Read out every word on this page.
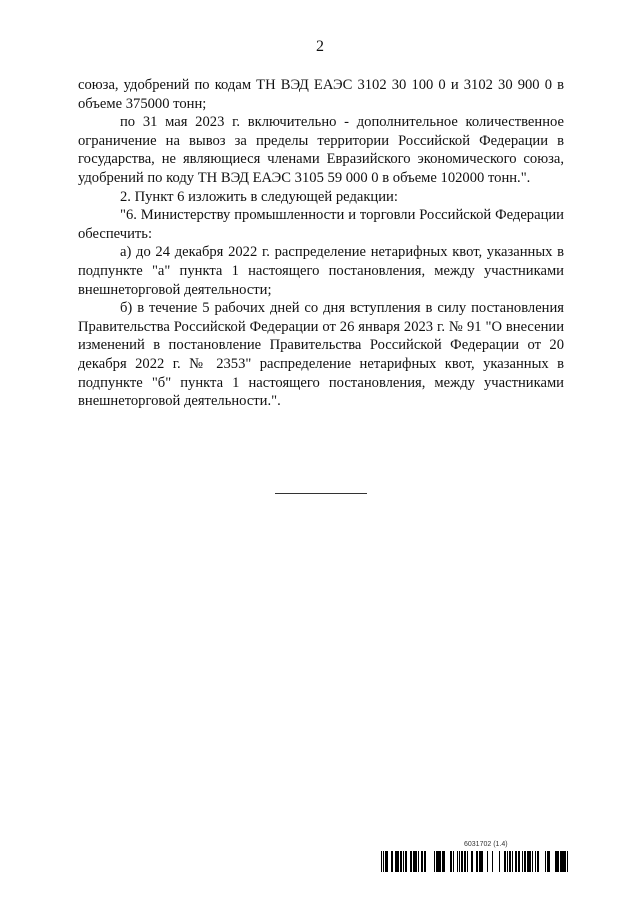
2

союза, удобрений по кодам ТН ВЭД ЕАЭС 3102 30 100 0 и 3102 30 900 0 в объеме 375000 тонн;

по 31 мая 2023 г. включительно - дополнительное количественное ограничение на вывоз за пределы территории Российской Федерации в государства, не являющиеся членами Евразийского экономического союза, удобрений по коду ТН ВЭД ЕАЭС 3105 59 000 0 в объеме 102000 тонн.".

2. Пункт 6 изложить в следующей редакции:

"6. Министерству промышленности и торговли Российской Федерации обеспечить:

а) до 24 декабря 2022 г. распределение нетарифных квот, указанных в подпункте "а" пункта 1 настоящего постановления, между участниками внешнеторговой деятельности;

б) в течение 5 рабочих дней со дня вступления в силу постановления Правительства Российской Федерации от 26 января 2023 г. № 91 "О внесении изменений в постановление Правительства Российской Федерации от 20 декабря 2022 г. № 2353" распределение нетарифных квот, указанных в подпункте "б" пункта 1 настоящего постановления, между участниками внешнеторговой деятельности.".

6031702 (1.4)
